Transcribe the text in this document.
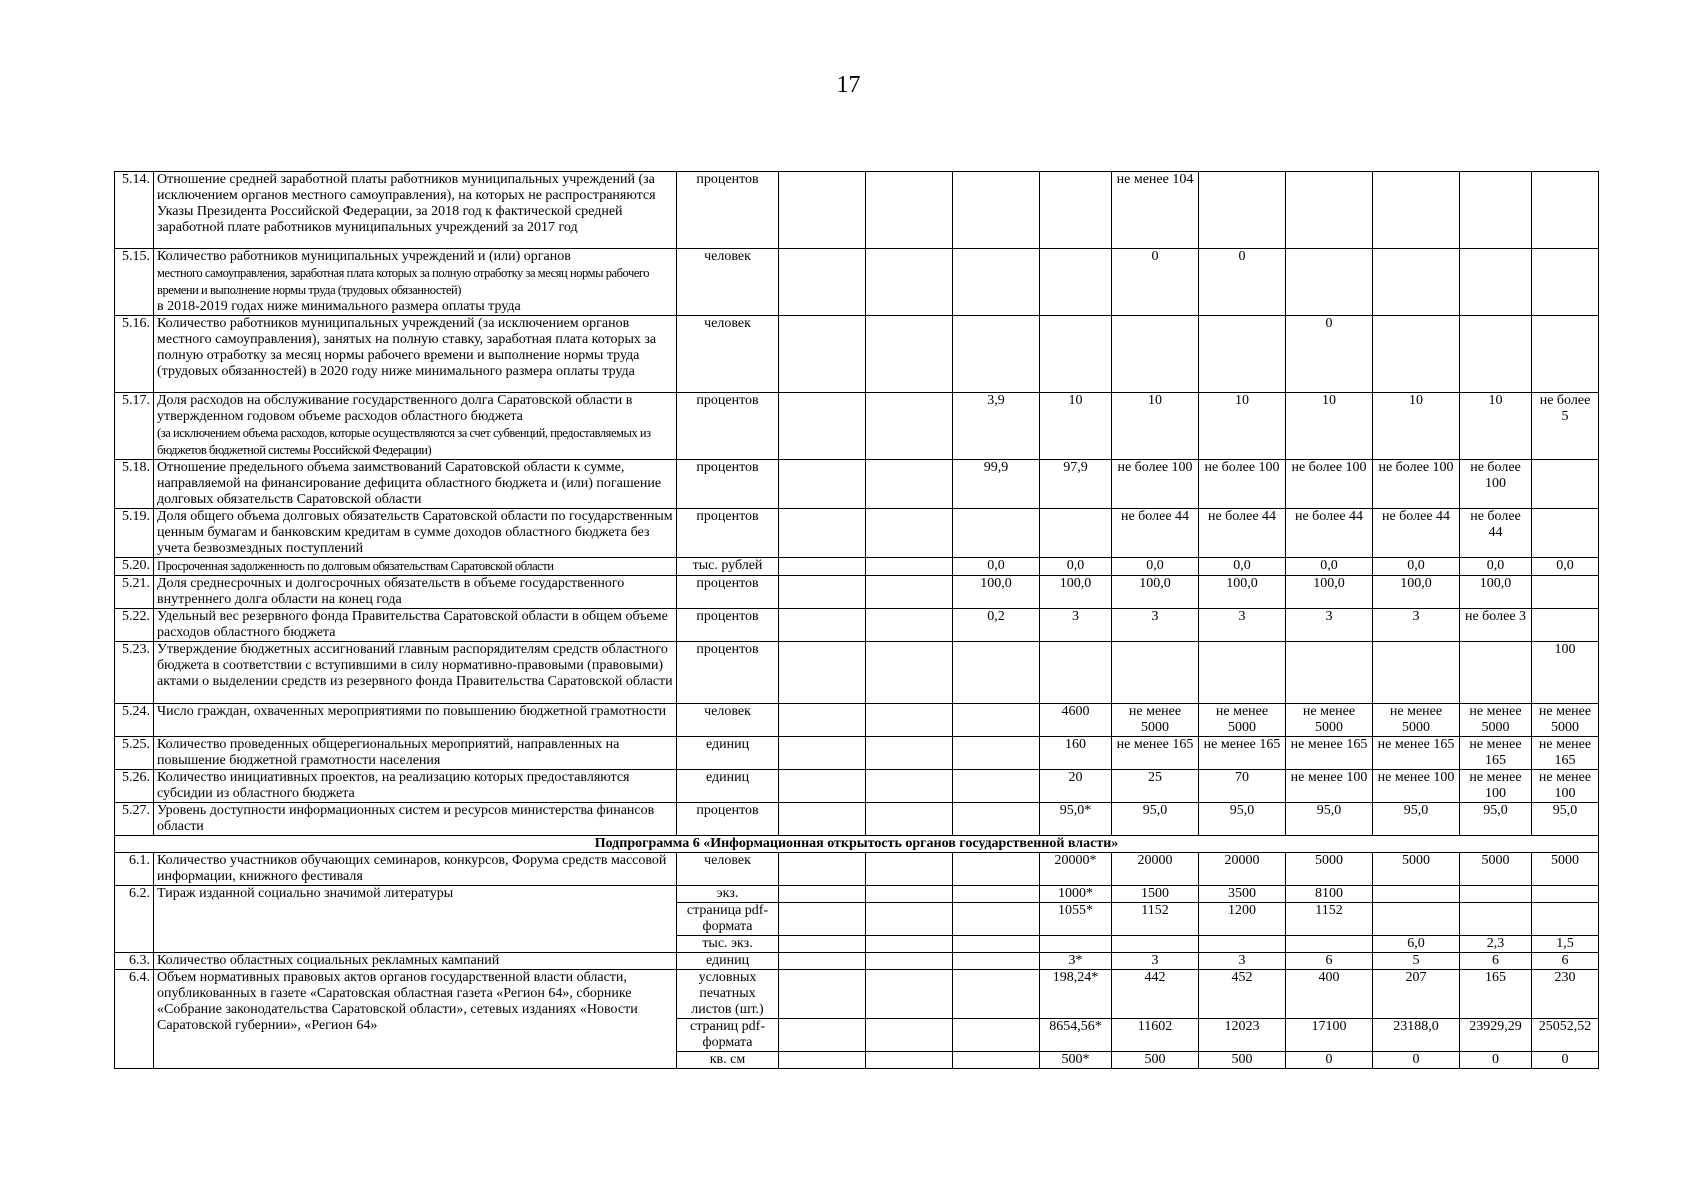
17
5.14.	Отношение средней заработной платы работников муниципальных учреждений (за исключением органов местного самоуправления), на которых не распространяются Указы Президента Российской Федерации, за 2018 год к фактической средней заработной плате работников муниципальных учреждений за 2017 год	процентов					не менее 104					
5.15.	Количество работников муниципальных учреждений и (или) органов
местного самоуправления, заработная плата которых за полную отработку за месяц нормы рабочего времени и выполнение нормы труда (трудовых обязанностей)
в 2018-2019 годах ниже минимального размера оплаты труда	человек					0	0				
5.16.	Количество работников муниципальных учреждений (за исключением органов местного самоуправления), занятых на полную ставку, заработная плата которых за полную отработку за месяц нормы рабочего времени и выполнение нормы труда (трудовых обязанностей) в 2020 году ниже минимального размера оплаты труда	человек							0			
5.17.	Доля расходов на обслуживание государственного долга Саратовской области в утвержденном годовом объеме расходов областного бюджета
(за исключением объема расходов, которые осуществляются за счет субвенций, предоставляемых из бюджетов бюджетной системы Российской Федерации)	процентов			3,9	10	10	10	10	10	10	не более 5
5.18.	Отношение предельного объема заимствований Саратовской области к сумме, направляемой на финансирование дефицита областного бюджета и (или) погашение долговых обязательств Саратовской области	процентов			99,9	97,9	не более 100	не более 100	не более 100	не более 100	не более 100	
5.19.	Доля общего объема долговых обязательств Саратовской области по государственным ценным бумагам и банковским кредитам в сумме доходов областного бюджета без учета безвозмездных поступлений	процентов					не более 44	не более 44	не более 44	не более 44	не более 44	
5.20.	Просроченная задолженность по долговым обязательствам Саратовской области	тыс. рублей			0,0	0,0	0,0	0,0	0,0	0,0	0,0	0,0
5.21.	Доля среднесрочных и долгосрочных обязательств в объеме государственного внутреннего долга области на конец года	процентов			100,0	100,0	100,0	100,0	100,0	100,0	100,0	
5.22.	Удельный вес резервного фонда Правительства Саратовской области в общем объеме расходов областного бюджета	процентов			0,2	3	3	3	3	3	не более 3	
5.23.	Утверждение бюджетных ассигнований главным распорядителям средств областного бюджета в соответствии с вступившими в силу нормативно-правовыми (правовыми) актами о выделении средств из резервного фонда Правительства Саратовской области	процентов										100
5.24.	Число граждан, охваченных мероприятиями по повышению бюджетной грамотности	человек				4600	не менее 5000	не менее 5000	не менее 5000	не менее 5000	не менее 5000	не менее 5000
5.25.	Количество проведенных общерегиональных мероприятий, направленных на повышение бюджетной грамотности населения	единиц				160	не менее 165	не менее 165	не менее 165	не менее 165	не менее 165	не менее 165
5.26.	Количество инициативных проектов, на реализацию которых предоставляются субсидии из областного бюджета	единиц				20	25	70	не менее 100	не менее 100	не менее 100	не менее 100
5.27.	Уровень доступности информационных систем и ресурсов министерства финансов области	процентов				95,0*	95,0	95,0	95,0	95,0	95,0	95,0
Подпрограмма 6 «Информационная открытость органов государственной власти»												
6.1.	Количество участников обучающих семинаров, конкурсов, Форума средств массовой информации, книжного фестиваля	человек				20000*	20000	20000	5000	5000	5000	5000
6.2.	Тираж изданной социально значимой литературы	экз.				1000*	1500	3500	8100			
		страница pdf-формата				1055*	1152	1200	1152			
		тыс. экз.								6,0	2,3	1,5
6.3.	Количество областных социальных рекламных кампаний	единиц				3*	3	3	6	5	6	6
6.4.	Объем нормативных правовых актов органов государственной власти области, опубликованных в газете «Саратовская областная газета «Регион 64», сборнике «Собрание законодательства Саратовской области», сетевых изданиях «Новости Саратовской губернии», «Регион 64»	условных печатных листов (шт.)				198,24*	442	452	400	207	165	230
		страниц pdf-формата				8654,56*	11602	12023	17100	23188,0	23929,29	25052,52
		кв. см				500*	500	500	0	0	0	0
